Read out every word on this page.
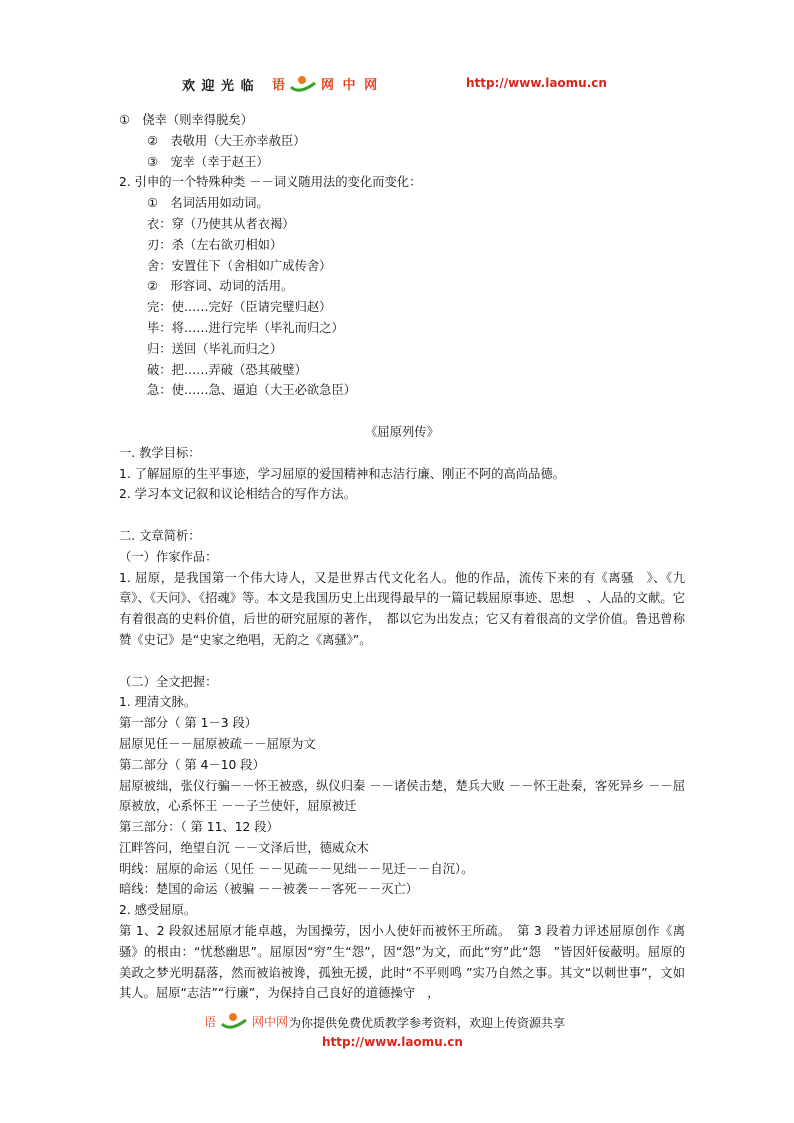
欢 迎 光 临 语	网 中 网	http://www.laomu.cn
①　侥幸（则幸得脱矣）
②　表敬用（大王亦幸赦臣）
③　宠幸（幸于赵王）
2. 引申的一个特殊种类 －－词义随用法的变化而变化：
①　名词活用如动词。
衣：穿（乃使其从者衣褐）
刃：杀（左右欲刃相如）
舍：安置住下（舍相如广成传舍）
②　形容词、动词的活用。
完：使……完好（臣请完璧归赵）
毕：将……进行完毕（毕礼而归之）
归：送回（毕礼而归之）
破：把……弄破（恐其破璧）
急：使……急、逼迫（大王必欲急臣）
《屈原列传》
一. 教学目标：
1. 了解屈原的生平事迹，学习屈原的爱国精神和志洁行廉、刚正不阿的高尚品德。
2. 学习本文记叙和议论相结合的写作方法。
二. 文章简析：
（一）作家作品：
1. 屈原，是我国第一个伟大诗人，又是世界古代文化名人。他的作品，流传下来的有《离骚　》、《九章》、《天问》、《招魂》等。本文是我国历史上出现得最早的一篇记载屈原事迹、思想　、人品的文献。它有着很高的史料价值，后世的研究屈原的著作，　都以它为出发点；它又有着很高的文学价值。鲁迅曾称赞《史记》是“史家之绝唱，无韵之《离骚》”。
（二）全文把握：
1. 理清文脉。
第一部分（ 第 1－3 段）
屈原见任－－屈原被疏－－屈原为文
第二部分（ 第 4－10 段）
屈原被绌，张仪行骗－－怀王被惑，纵仪归秦 －－诸侯击楚，楚兵大败 －－怀王赴秦，客死异乡 －－屈原被放，心系怀王 －－子兰使奸，屈原被迁
第三部分：（ 第 11、12 段）
江畔答问，绝望自沉 －－文泽后世，德威众木
明线：屈原的命运（见任 －－见疏－－见绌－－见迁－－自沉）。
暗线：楚国的命运（被骗 －－被袭－－客死－－灭亡）
2. 感受屈原。
第 1、2 段叙述屈原才能卓越，为国操劳，因小人使奸而被怀王所疏。　第 3 段着力评述屈原创作《离骚》的根由：“忧愁幽思”。屈原因“穷”生“怨”，因“怨”为文，而此“穷”此“怨　”皆因奸佞蔽明。屈原的美政之梦光明磊落，然而被谄被谗，孤独无援，此时“不平则鸣 ”实乃自然之事。其文“以刺世事”，文如其人。屈原“志洁”“行廉”，为保持自己良好的道德操守　，
语	网中网 为你提供免费优质教学参考资料，欢迎上传资源共享
http://www.laomu.cn
